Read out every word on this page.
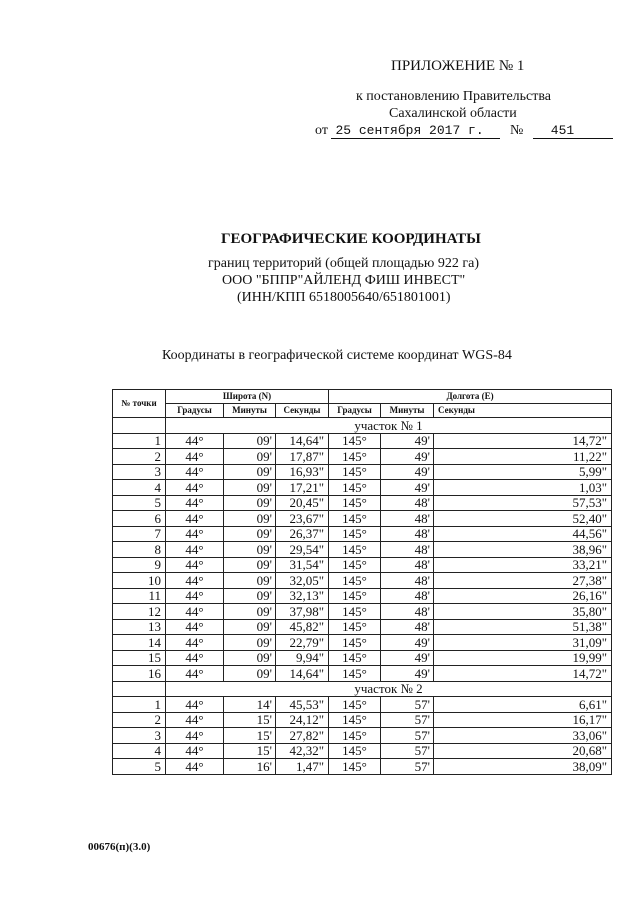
ПРИЛОЖЕНИЕ № 1
к постановлению Правительства
Сахалинской области
от 25 сентября 2017 г. № 451
ГЕОГРАФИЧЕСКИЕ КООРДИНАТЫ
границ территорий (общей площадью 922 га)
ООО "БППР"АЙЛЕНД ФИШ ИНВЕСТ"
(ИНН/КПП 6518005640/651801001)
Координаты в географической системе координат WGS-84
№ точки	Широта (N)			Долгота (E)		
	Градусы	Минуты	Секунды	Градусы	Минуты	Секунды
	участок № 1					
1	44°	09'	14,64"	145°	49'	14,72"
2	44°	09'	17,87"	145°	49'	11,22"
3	44°	09'	16,93"	145°	49'	5,99"
4	44°	09'	17,21"	145°	49'	1,03"
5	44°	09'	20,45"	145°	48'	57,53"
6	44°	09'	23,67"	145°	48'	52,40"
7	44°	09'	26,37"	145°	48'	44,56"
8	44°	09'	29,54"	145°	48'	38,96"
9	44°	09'	31,54"	145°	48'	33,21"
10	44°	09'	32,05"	145°	48'	27,38"
11	44°	09'	32,13"	145°	48'	26,16"
12	44°	09'	37,98"	145°	48'	35,80"
13	44°	09'	45,82"	145°	48'	51,38"
14	44°	09'	22,79"	145°	49'	31,09"
15	44°	09'	9,94"	145°	49'	19,99"
16	44°	09'	14,64"	145°	49'	14,72"
	участок № 2					
1	44°	14'	45,53"	145°	57'	6,61"
2	44°	15'	24,12"	145°	57'	16,17"
3	44°	15'	27,82"	145°	57'	33,06"
4	44°	15'	42,32"	145°	57'	20,68"
5	44°	16'	1,47"	145°	57'	38,09"
00676(п)(3.0)
